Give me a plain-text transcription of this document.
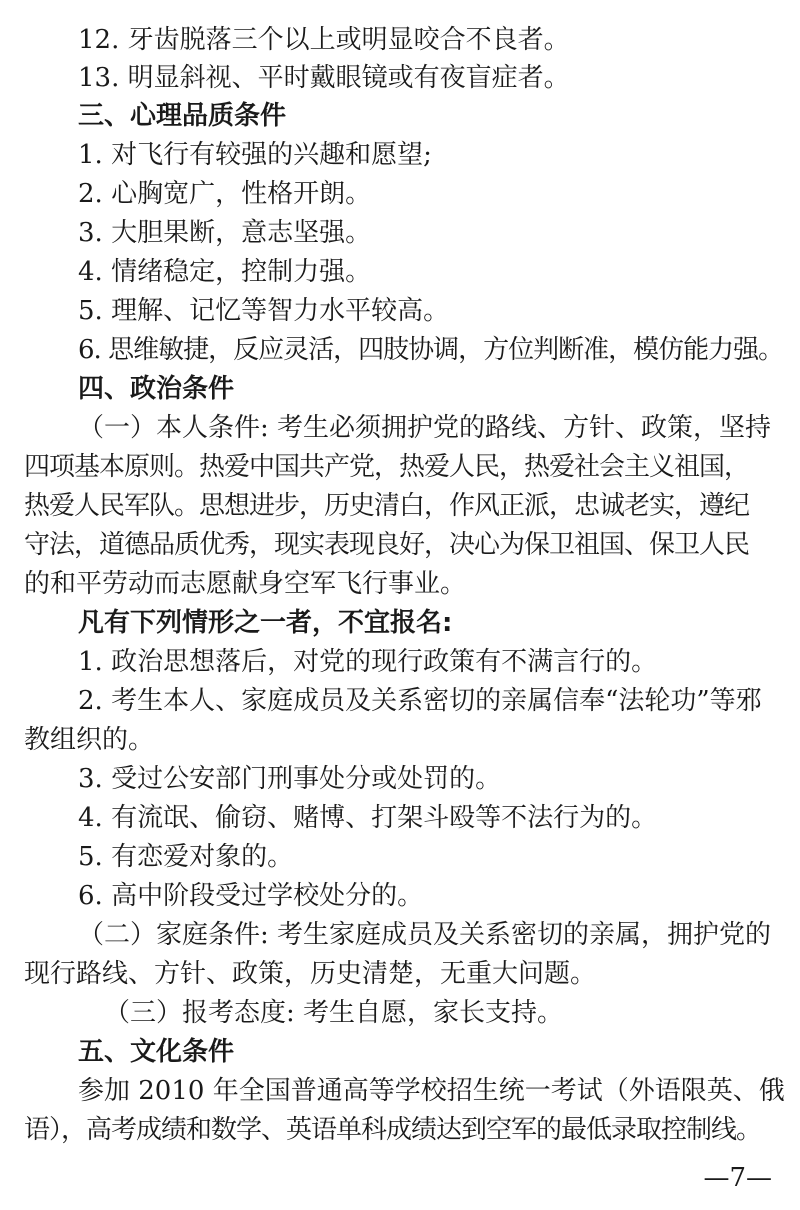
12. 牙齿脱落三个以上或明显咬合不良者。
13. 明显斜视、平时戴眼镜或有夜盲症者。
三、心理品质条件
1. 对飞行有较强的兴趣和愿望;
2. 心胸宽广，性格开朗。
3. 大胆果断，意志坚强。
4. 情绪稳定，控制力强。
5. 理解、记忆等智力水平较高。
6. 思维敏捷，反应灵活，四肢协调，方位判断准，模仿能力强。
四、政治条件
（一）本人条件: 考生必须拥护党的路线、方针、政策，坚持
四项基本原则。热爱中国共产党，热爱人民，热爱社会主义祖国，
热爱人民军队。思想进步，历史清白，作风正派，忠诚老实，遵纪
守法，道德品质优秀，现实表现良好，决心为保卫祖国、保卫人民
的和平劳动而志愿献身空军飞行事业。
凡有下列情形之一者，不宜报名:
1. 政治思想落后，对党的现行政策有不满言行的。
2. 考生本人、家庭成员及关系密切的亲属信奉“法轮功”等邪
教组织的。
3. 受过公安部门刑事处分或处罚的。
4. 有流氓、偷窃、赌博、打架斗殴等不法行为的。
5. 有恋爱对象的。
6. 高中阶段受过学校处分的。
（二）家庭条件: 考生家庭成员及关系密切的亲属，拥护党的
现行路线、方针、政策，历史清楚，无重大问题。
（三）报考态度: 考生自愿，家长支持。
五、文化条件
参加 2010 年全国普通高等学校招生统一考试（外语限英、俄
语），高考成绩和数学、英语单科成绩达到空军的最低录取控制线。
—7—
